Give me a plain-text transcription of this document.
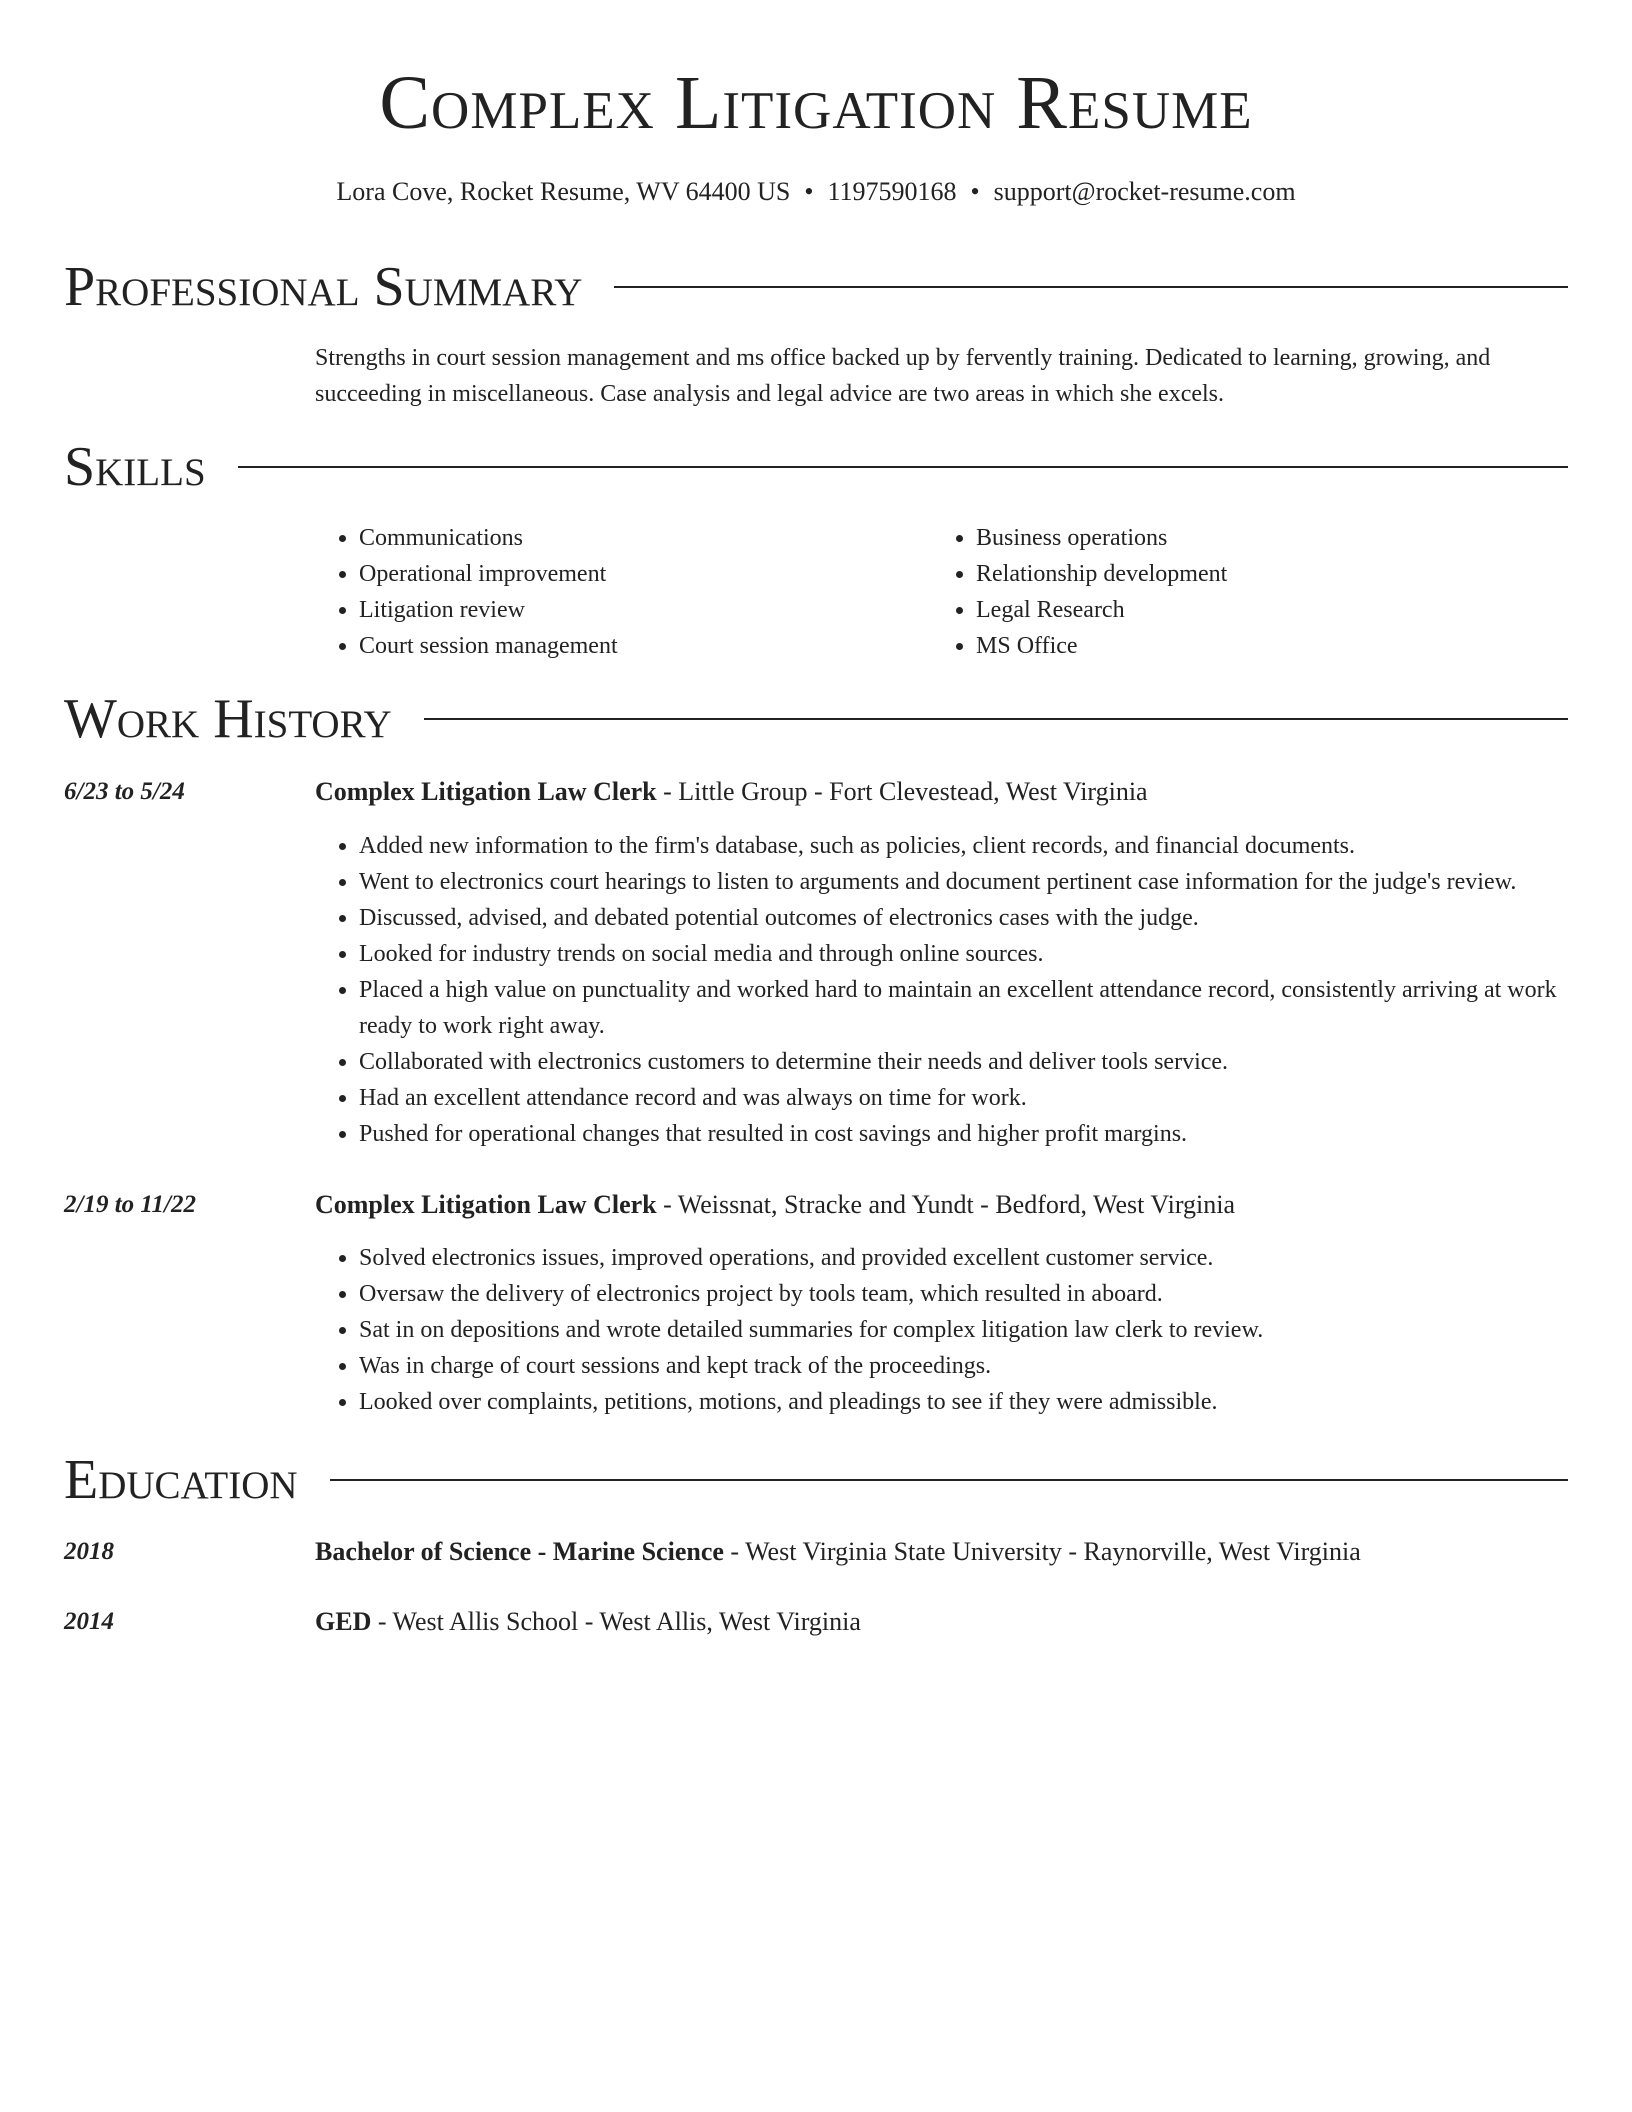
Complex Litigation Resume
Lora Cove, Rocket Resume, WV 64400 US • 1197590168 • support@rocket-resume.com
Professional Summary
Strengths in court session management and ms office backed up by fervently training. Dedicated to learning, growing, and succeeding in miscellaneous. Case analysis and legal advice are two areas in which she excels.
Skills
• Communications
• Operational improvement
• Litigation review
• Court session management
• Business operations
• Relationship development
• Legal Research
• MS Office
Work History
6/23 to 5/24	Complex Litigation Law Clerk - Little Group - Fort Clevestead, West Virginia
• Added new information to the firm's database, such as policies, client records, and financial documents.
• Went to electronics court hearings to listen to arguments and document pertinent case information for the judge's review.
• Discussed, advised, and debated potential outcomes of electronics cases with the judge.
• Looked for industry trends on social media and through online sources.
• Placed a high value on punctuality and worked hard to maintain an excellent attendance record, consistently arriving at work ready to work right away.
• Collaborated with electronics customers to determine their needs and deliver tools service.
• Had an excellent attendance record and was always on time for work.
• Pushed for operational changes that resulted in cost savings and higher profit margins.
2/19 to 11/22	Complex Litigation Law Clerk - Weissnat, Stracke and Yundt - Bedford, West Virginia
• Solved electronics issues, improved operations, and provided excellent customer service.
• Oversaw the delivery of electronics project by tools team, which resulted in aboard.
• Sat in on depositions and wrote detailed summaries for complex litigation law clerk to review.
• Was in charge of court sessions and kept track of the proceedings.
• Looked over complaints, petitions, motions, and pleadings to see if they were admissible.
Education
2018	Bachelor of Science - Marine Science - West Virginia State University - Raynorville, West Virginia
2014	GED - West Allis School - West Allis, West Virginia
